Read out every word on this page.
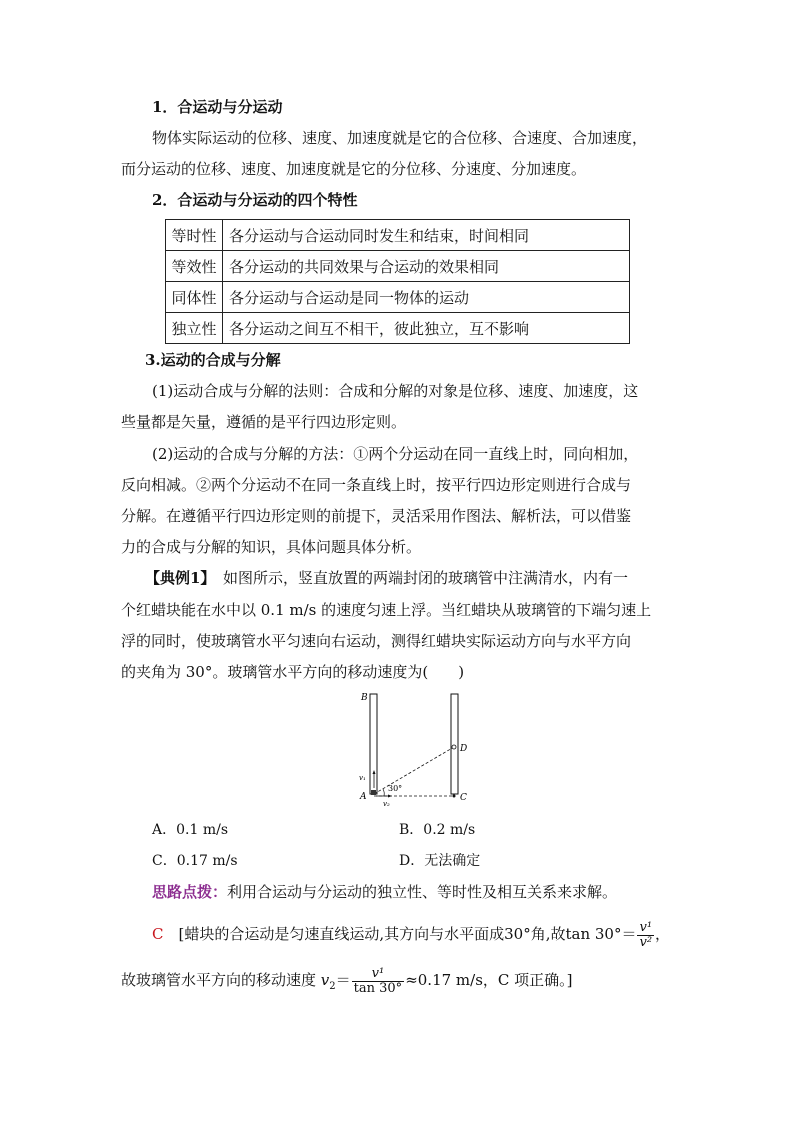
1．合运动与分运动
物体实际运动的位移、速度、加速度就是它的合位移、合速度、合加速度，
而分运动的位移、速度、加速度就是它的分位移、分速度、分加速度。
2．合运动与分运动的四个特性
等时性	各分运动与合运动同时发生和结束，时间相同
等效性	各分运动的共同效果与合运动的效果相同
同体性	各分运动与合运动是同一物体的运动
独立性	各分运动之间互不相干，彼此独立，互不影响
3.运动的合成与分解
(1)运动合成与分解的法则：合成和分解的对象是位移、速度、加速度，这
些量都是矢量，遵循的是平行四边形定则。
(2)运动的合成与分解的方法：①两个分运动在同一直线上时，同向相加，
反向相减。②两个分运动不在同一条直线上时，按平行四边形定则进行合成与
分解。在遵循平行四边形定则的前提下，灵活采用作图法、解析法，可以借鉴
力的合成与分解的知识，具体问题具体分析。
【典例1】　如图所示，竖直放置的两端封闭的玻璃管中注满清水，内有一
个红蜡块能在水中以 0.1 m/s 的速度匀速上浮。当红蜡块从玻璃管的下端匀速上
浮的同时，使玻璃管水平匀速向右运动，测得红蜡块实际运动方向与水平方向
的夹角为 30°。玻璃管水平方向的移动速度为(　　)
B
D
A	C
v₁
v₂
30°
A．0.1 m/s	B．0.2 m/s
C．0.17 m/s	D．无法确定
思路点拨：利用合运动与分运动的独立性、等时性及相互关系来求解。
C　 [蜡块的合运动是匀速直线运动,其方向与水平面成30°角,故$\tan 30^\circ= \frac{\text{v¹}}{\text{v²}}$ ，
故玻璃管水平方向的移动速度 $v_2= \frac{\text{v¹}}{\tan 30^\circ} \approx 0.17$ m/s，C 项正确。]
